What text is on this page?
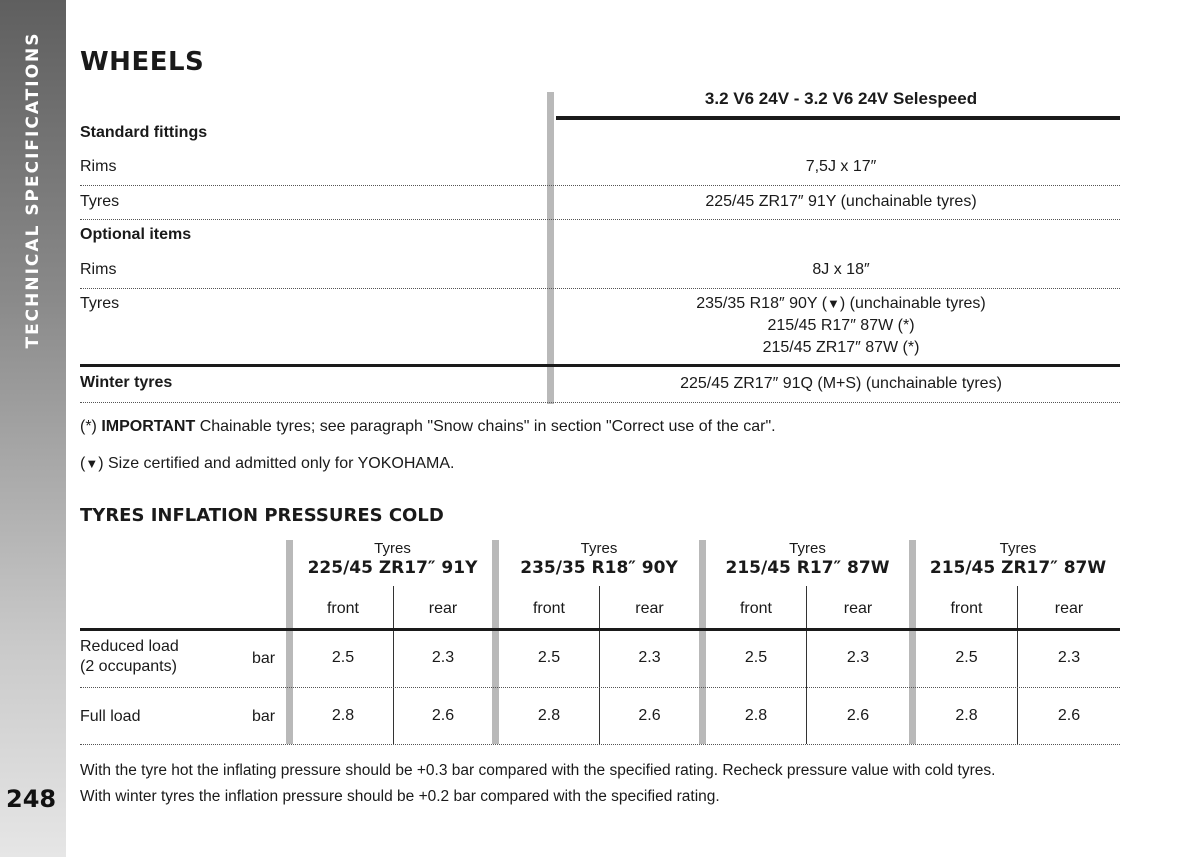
TECHNICAL SPECIFICATIONS
248
WHEELS
3.2 V6 24V - 3.2 V6 24V Selespeed
Standard fittings
Rims	7,5J x 17″
Tyres	225/45 ZR17″ 91Y (unchainable tyres)
Optional items
Rims	8J x 18″
Tyres	235/35 R18″ 90Y (▼) (unchainable tyres)
215/45 R17″ 87W (*)
215/45 ZR17″ 87W (*)
Winter tyres	225/45 ZR17″ 91Q (M+S) (unchainable tyres)
(*) IMPORTANT Chainable tyres; see paragraph "Snow chains" in section "Correct use of the car".
(▼) Size certified and admitted only for YOKOHAMA.
TYRES INFLATION PRESSURES COLD
Tyres
225/45 ZR17″ 91Y
Tyres
235/35 R18″ 90Y
Tyres
215/45 R17″ 87W
Tyres
215/45 ZR17″ 87W
front	rear	front	rear	front	rear	front	rear
Reduced load
(2 occupants)	bar	2.5	2.3	2.5	2.3	2.5	2.3	2.5	2.3
Full load	bar	2.8	2.6	2.8	2.6	2.8	2.6	2.8	2.6
With the tyre hot the inflating pressure should be +0.3 bar compared with the specified rating. Recheck pressure value with cold tyres.
With winter tyres the inflation pressure should be +0.2 bar compared with the specified rating.
